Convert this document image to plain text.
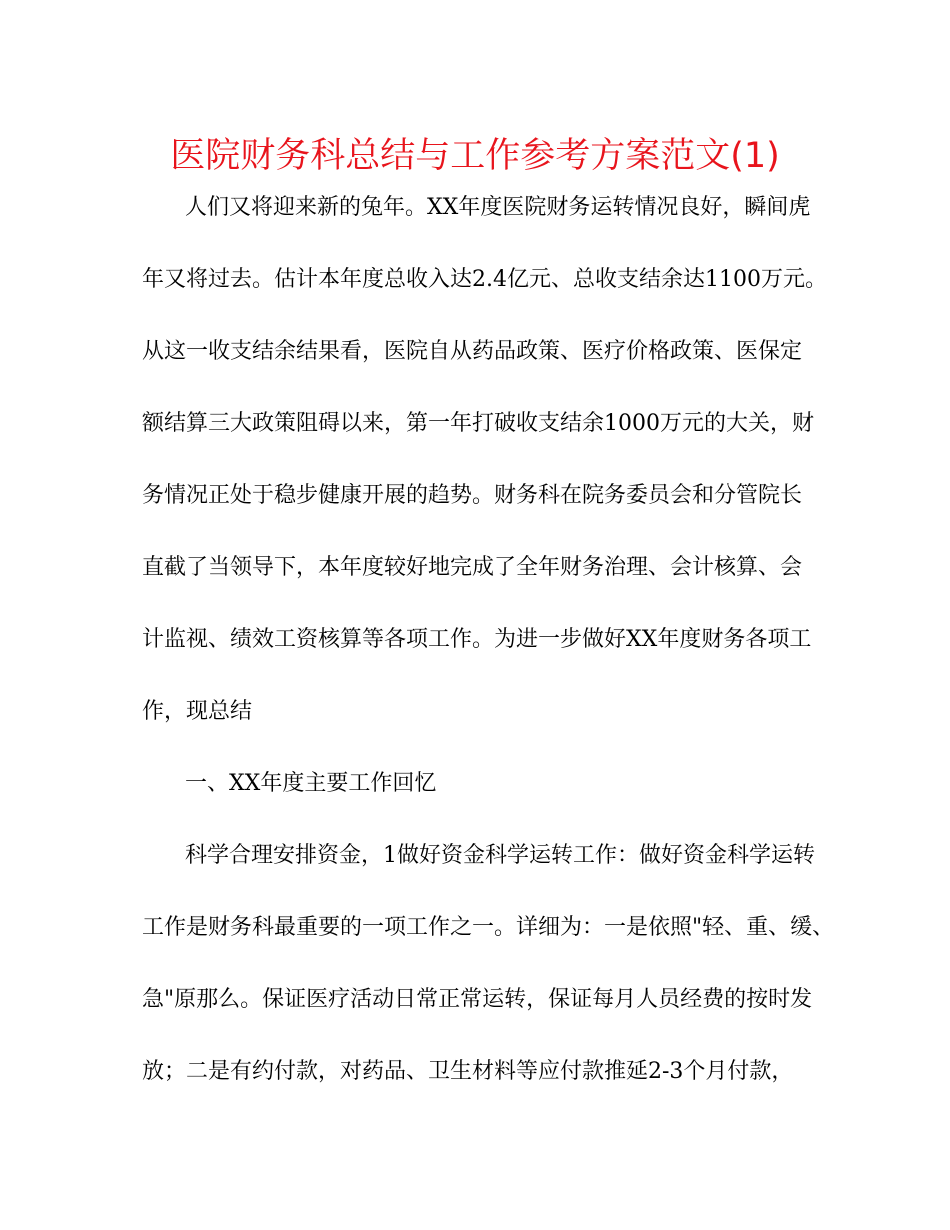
医院财务科总结与工作参考方案范文(1)

人们又将迎来新的兔年。XX年度医院财务运转情况良好，瞬间虎

年又将过去。估计本年度总收入达2.4亿元、总收支结余达1100万元。

从这一收支结余结果看，医院自从药品政策、医疗价格政策、医保定

额结算三大政策阻碍以来，第一年打破收支结余1000万元的大关，财

务情况正处于稳步健康开展的趋势。财务科在院务委员会和分管院长

直截了当领导下，本年度较好地完成了全年财务治理、会计核算、会

计监视、绩效工资核算等各项工作。为进一步做好XX年度财务各项工

作，现总结

一、XX年度主要工作回忆

科学合理安排资金，1做好资金科学运转工作：做好资金科学运转

工作是财务科最重要的一项工作之一。详细为：一是依照"轻、重、缓、

急"原那么。保证医疗活动日常正常运转，保证每月人员经费的按时发

放；二是有约付款，对药品、卫生材料等应付款推延2-3个月付款，
